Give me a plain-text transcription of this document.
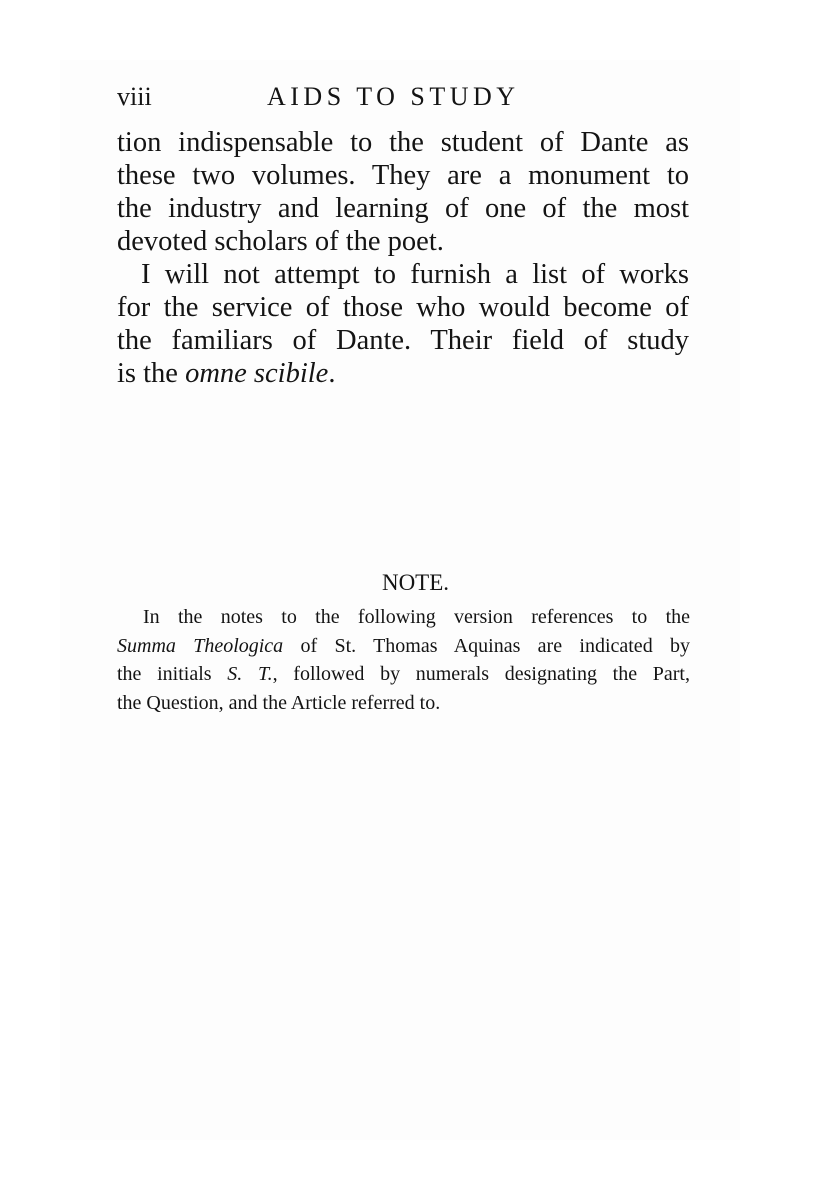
viii	AIDS TO STUDY

tion indispensable to the student of Dante as
these two volumes. They are a monument to
the industry and learning of one of the most
devoted scholars of the poet.

I will not attempt to furnish a list of works
for the service of those who would become of
the familiars of Dante. Their field of study
is the omne scibile.

NOTE.
In the notes to the following version references to the
Summa Theologica of St. Thomas Aquinas are indicated by
the initials S. T., followed by numerals designating the Part,
the Question, and the Article referred to.
